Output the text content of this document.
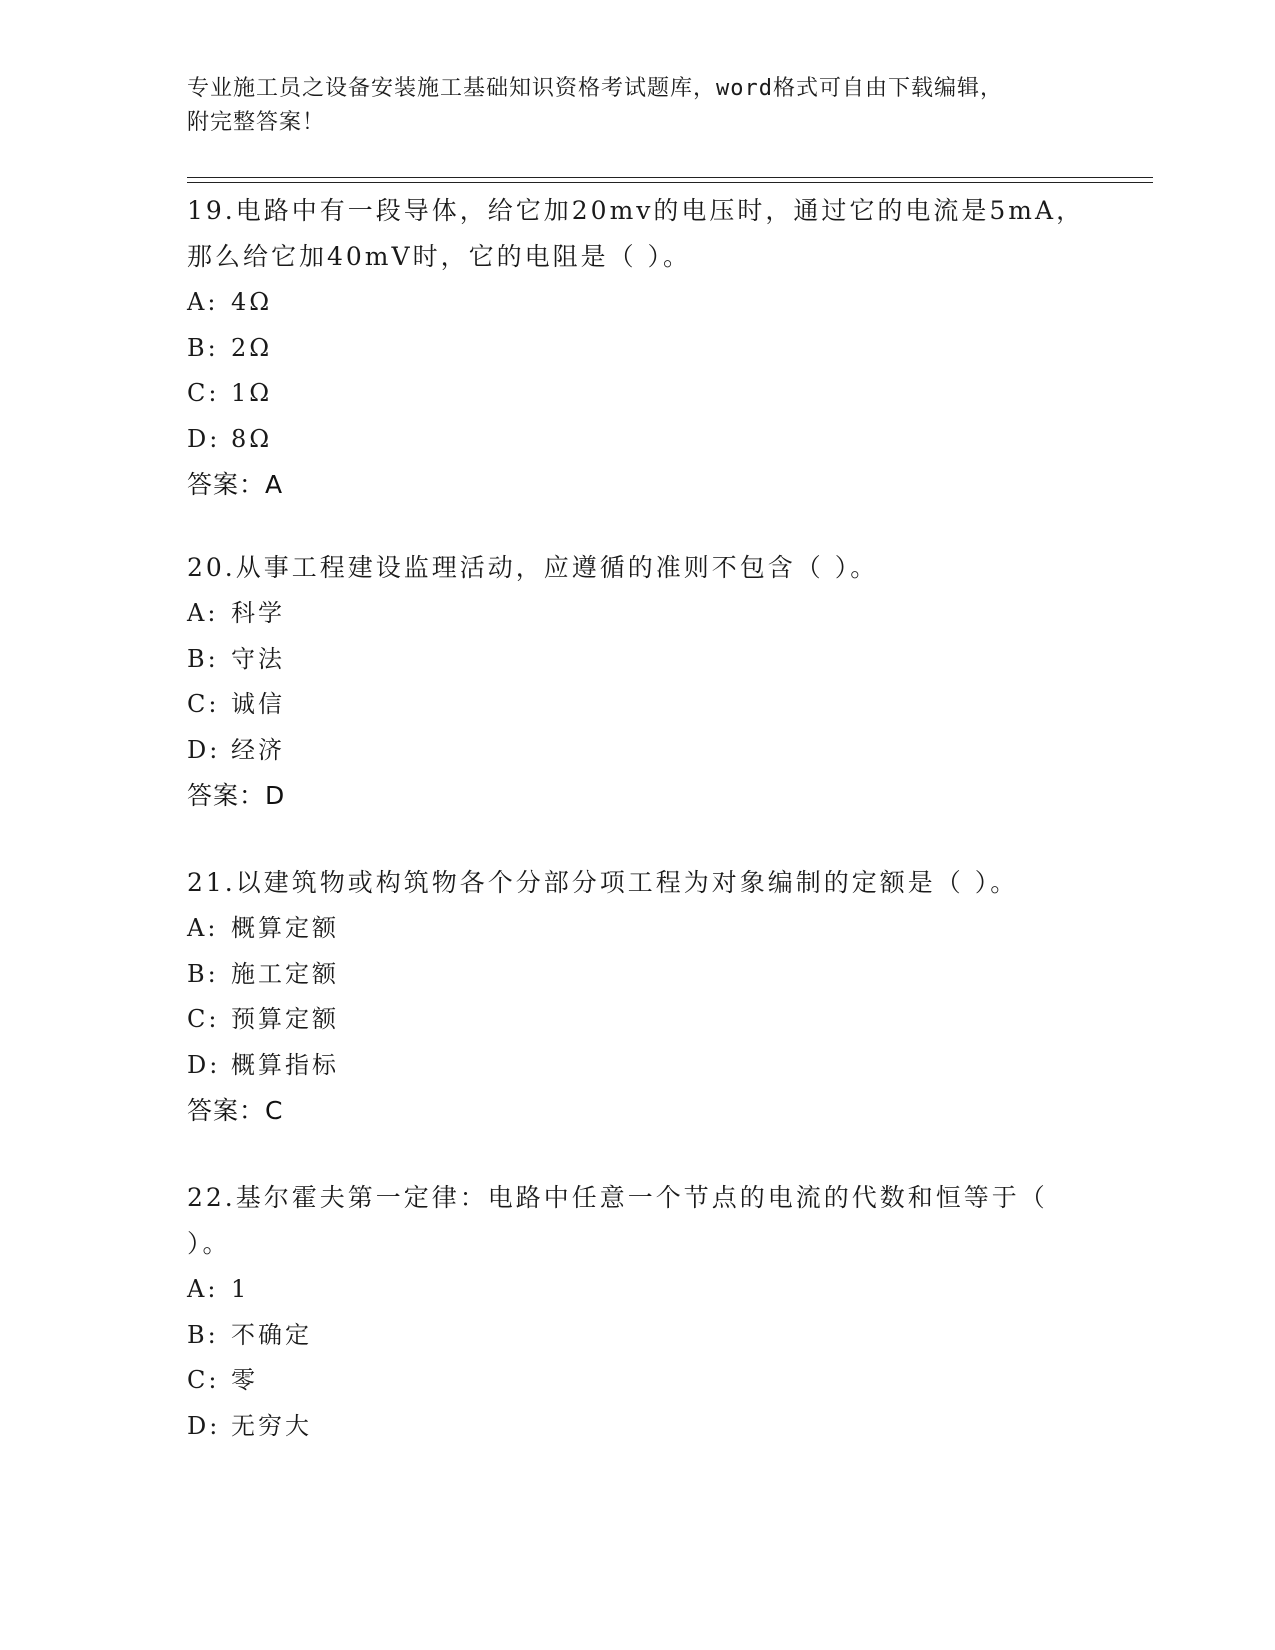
专业施工员之设备安装施工基础知识资格考试题库，word格式可自由下载编辑，
附完整答案！

19.电路中有一段导体，给它加20mv的电压时，通过它的电流是5mA，

那么给它加40mV时，它的电阻是（ ）。

A: 4Ω

B: 2Ω

C: 1Ω

D: 8Ω

答案：A

20.从事工程建设监理活动，应遵循的准则不包含（ ）。

A: 科学

B: 守法

C: 诚信

D: 经济

答案：D

21.以建筑物或构筑物各个分部分项工程为对象编制的定额是（ ）。

A: 概算定额

B: 施工定额

C: 预算定额

D: 概算指标

答案：C

22.基尔霍夫第一定律：电路中任意一个节点的电流的代数和恒等于（

）。

A: 1

B: 不确定

C: 零

D: 无穷大
